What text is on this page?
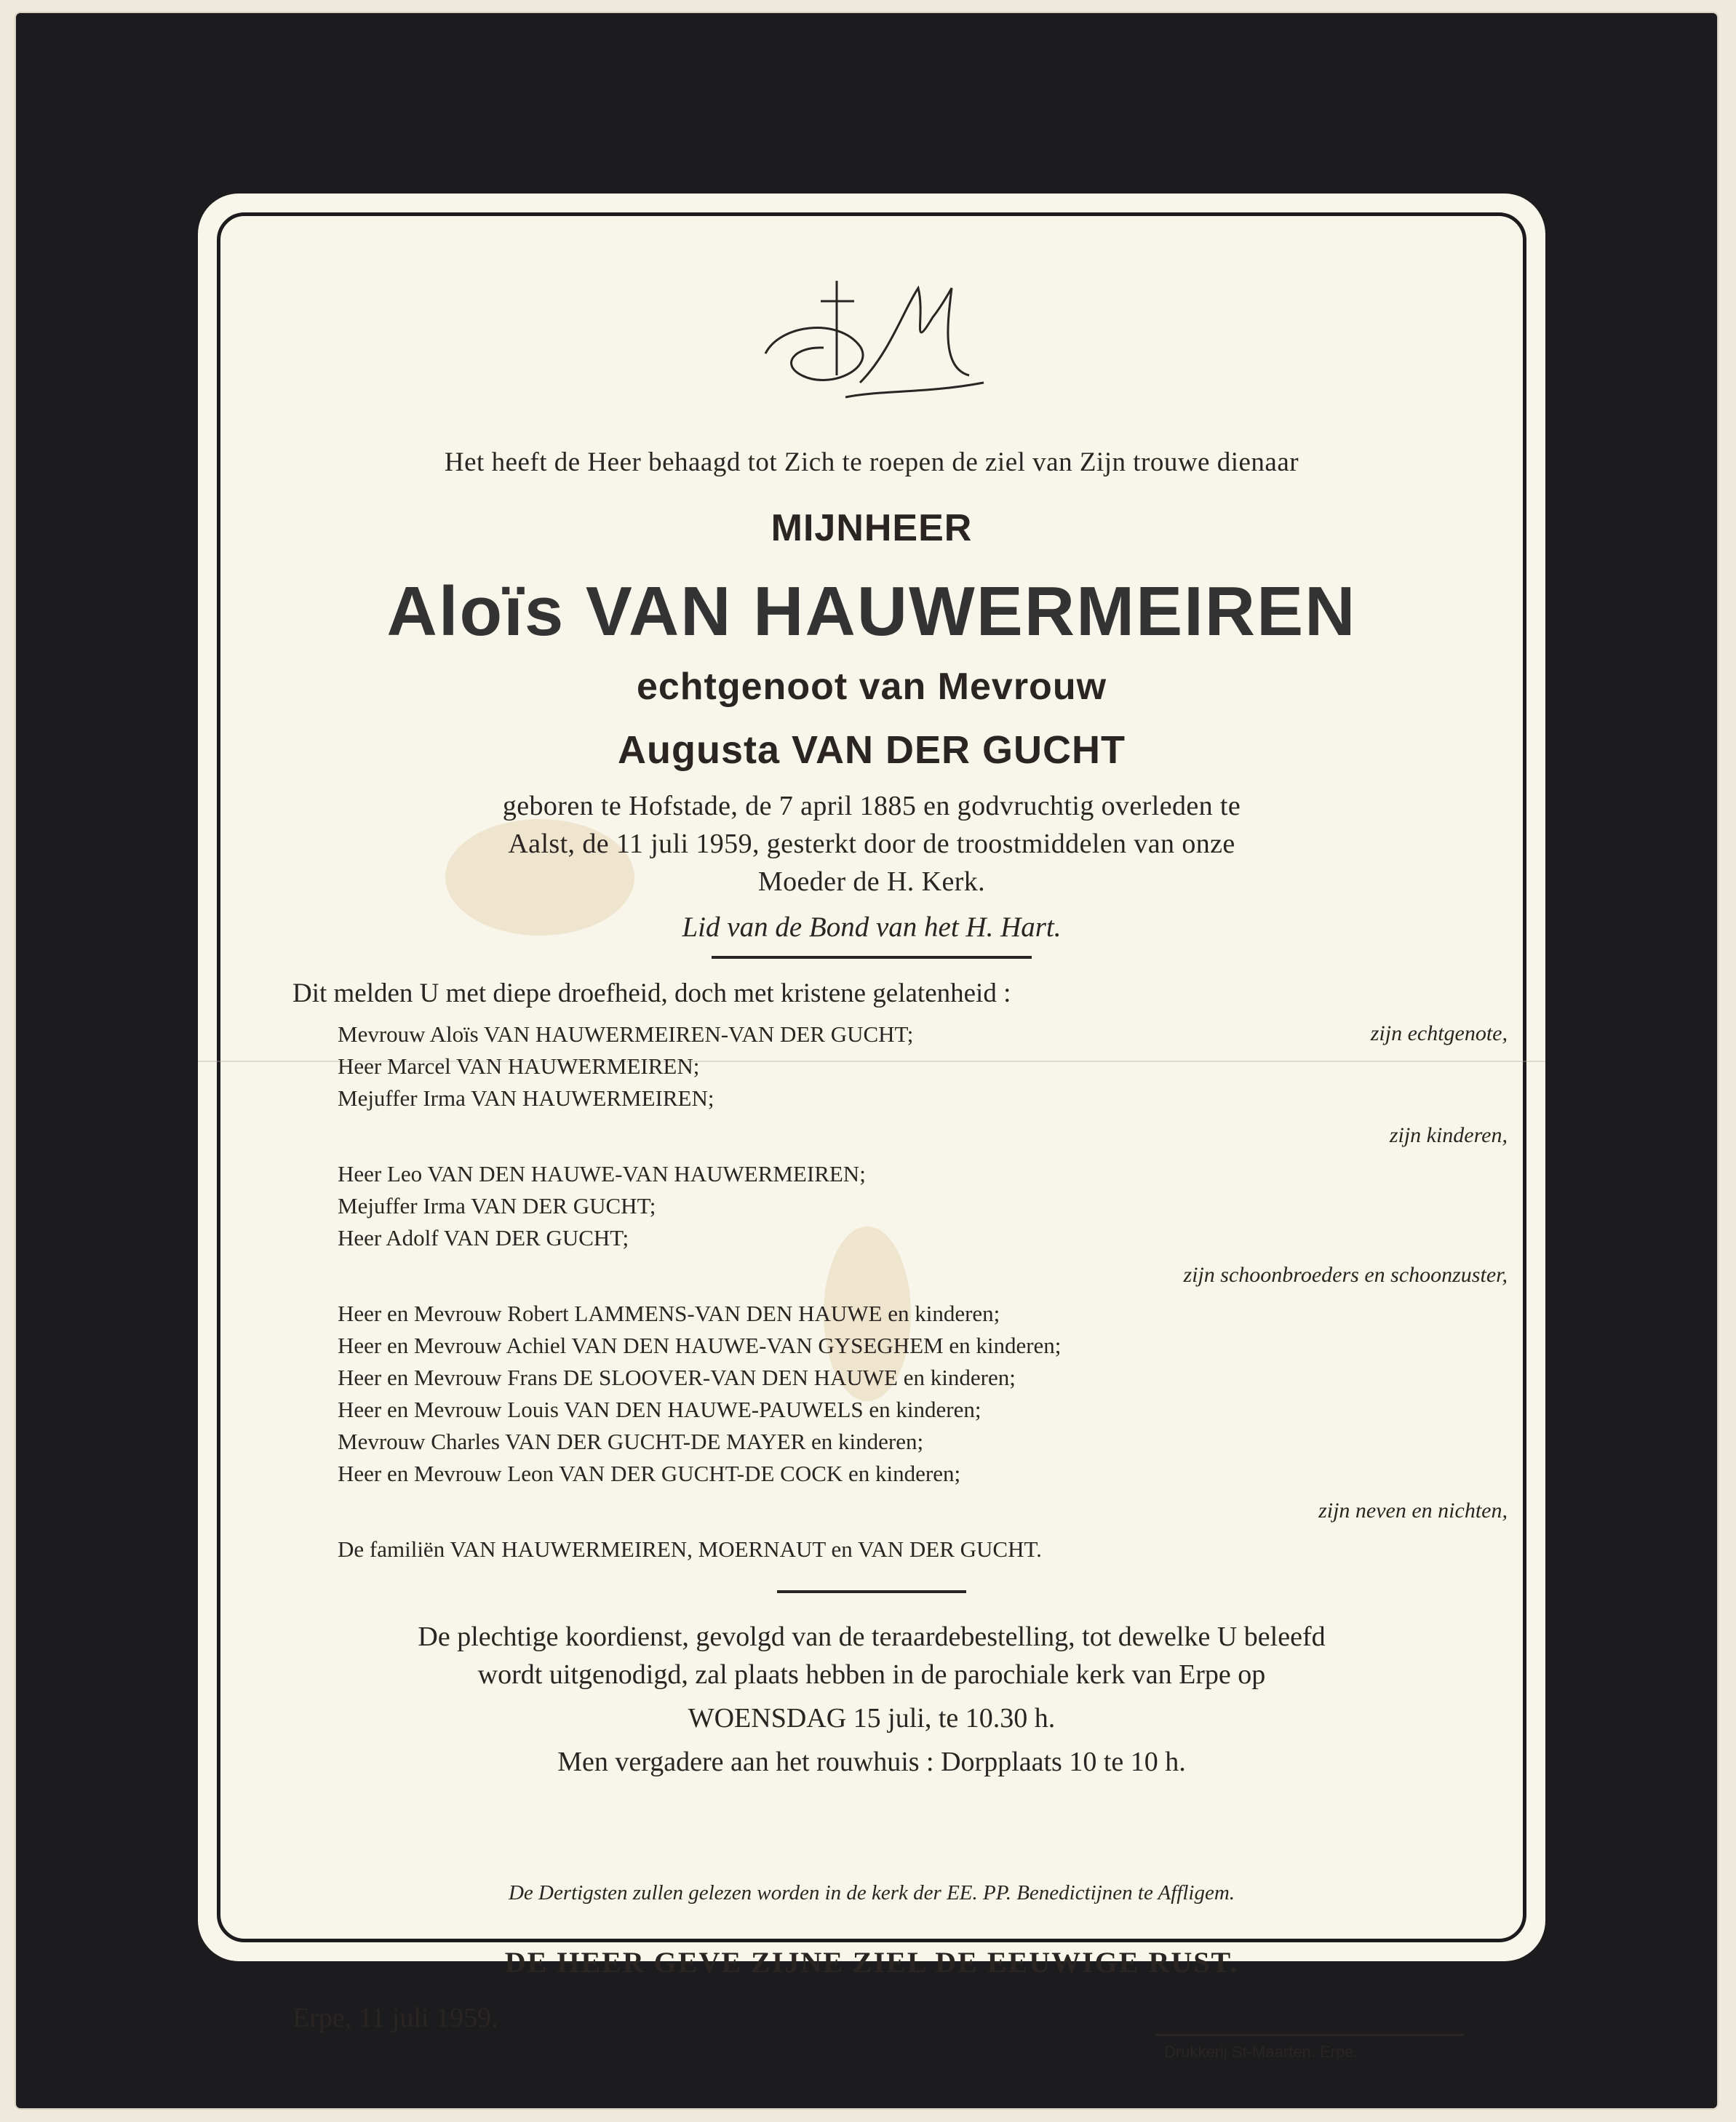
Het heeft de Heer behaagd tot Zich te roepen de ziel van Zijn trouwe dienaar
MIJNHEER
Aloïs VAN HAUWERMEIREN
echtgenoot van Mevrouw
Augusta VAN DER GUCHT
geboren te Hofstade, de 7 april 1885 en godvruchtig overleden te
Aalst, de 11 juli 1959, gesterkt door de troostmiddelen van onze
Moeder de H. Kerk.
Lid van de Bond van het H. Hart.
Dit melden U met diepe droefheid, doch met kristene gelatenheid :
Mevrouw Aloïs VAN HAUWERMEIREN-VAN DER GUCHT;	zijn echtgenote,
Heer Marcel VAN HAUWERMEIREN;
Mejuffer Irma VAN HAUWERMEIREN;
zijn kinderen,
Heer Leo VAN DEN HAUWE-VAN HAUWERMEIREN;
Mejuffer Irma VAN DER GUCHT;
Heer Adolf VAN DER GUCHT;
zijn schoonbroeders en schoonzuster,
Heer en Mevrouw Robert LAMMENS-VAN DEN HAUWE en kinderen;
Heer en Mevrouw Achiel VAN DEN HAUWE-VAN GYSEGHEM en kinderen;
Heer en Mevrouw Frans DE SLOOVER-VAN DEN HAUWE en kinderen;
Heer en Mevrouw Louis VAN DEN HAUWE-PAUWELS en kinderen;
Mevrouw Charles VAN DER GUCHT-DE MAYER en kinderen;
Heer en Mevrouw Leon VAN DER GUCHT-DE COCK en kinderen;
zijn neven en nichten,
De familiën VAN HAUWERMEIREN, MOERNAUT en VAN DER GUCHT.
De plechtige koordienst, gevolgd van de teraardebestelling, tot dewelke U beleefd
wordt uitgenodigd, zal plaats hebben in de parochiale kerk van Erpe op
WOENSDAG 15 juli, te 10.30 h.
Men vergadere aan het rouwhuis : Dorpplaats 10 te 10 h.
De Dertigsten zullen gelezen worden in de kerk der EE. PP. Benedictijnen te Affligem.
DE HEER GEVE ZIJNE ZIEL DE EEUWIGE RUST.
Erpe, 11 juli 1959.
Drukkerij St-Maarten. Erpe.
